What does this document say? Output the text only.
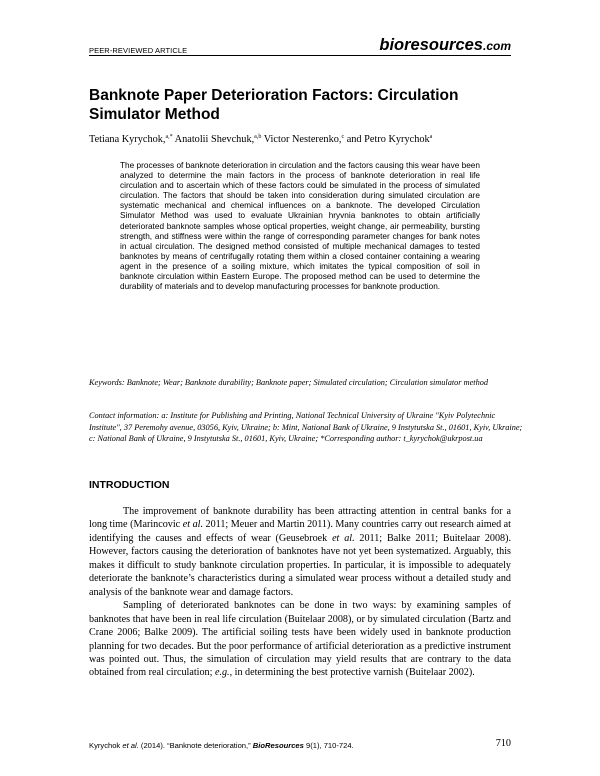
PEER-REVIEWED ARTICLE	bioresources.com
Banknote Paper Deterioration Factors: Circulation Simulator Method
Tetiana Kyrychok,$^{a,*}$ Anatolii Shevchuk,$^{a,b}$ Victor Nesterenko,$^c$ and Petro Kyrychok$^a$
The processes of banknote deterioration in circulation and the factors causing this wear have been analyzed to determine the main factors in the process of banknote deterioration in real life circulation and to ascertain which of these factors could be simulated in the process of simulated circulation. The factors that should be taken into consideration during simulated circulation are systematic mechanical and chemical influences on a banknote. The developed Circulation Simulator Method was used to evaluate Ukrainian hryvnia banknotes to obtain artificially deteriorated banknote samples whose optical properties, weight change, air permeability, bursting strength, and stiffness were within the range of corresponding parameter changes for bank notes in actual circulation. The designed method consisted of multiple mechanical damages to tested banknotes by means of centrifugally rotating them within a closed container containing a wearing agent in the presence of a soiling mixture, which imitates the typical composition of soil in banknote circulation within Eastern Europe. The proposed method can be used to determine the durability of materials and to develop manufacturing processes for banknote production.
Keywords: Banknote; Wear; Banknote durability; Banknote paper; Simulated circulation; Circulation simulator method
Contact information: a: Institute for Publishing and Printing, National Technical University of Ukraine "Kyiv Polytechnic Institute", 37 Peremohy avenue, 03056, Kyiv, Ukraine; b: Mint, National Bank of Ukraine, 9 Instytutska St., 01601, Kyiv, Ukraine; c: National Bank of Ukraine, 9 Instytutska St., 01601, Kyiv, Ukraine; *Corresponding author: t_kyrychok@ukrpost.ua
INTRODUCTION

The improvement of banknote durability has been attracting attention in central banks for a long time (Marincovic et al. 2011; Meuer and Martin 2011). Many countries carry out research aimed at identifying the causes and effects of wear (Geusebroek et al. 2011; Balke 2011; Buitelaar 2008). However, factors causing the deterioration of banknotes have not yet been systematized. Arguably, this makes it difficult to study banknote circulation properties. In particular, it is impossible to adequately deteriorate the banknote’s characteristics during a simulated wear process without a detailed study and analysis of the banknote wear and damage factors.

Sampling of deteriorated banknotes can be done in two ways: by examining samples of banknotes that have been in real life circulation (Buitelaar 2008), or by simulated circulation (Bartz and Crane 2006; Balke 2009). The artificial soiling tests have been widely used in banknote production planning for two decades. But the poor performance of artificial deterioration as a predictive instrument was pointed out. Thus, the simulation of circulation may yield results that are contrary to the data obtained from real circulation; e.g., in determining the best protective varnish (Buitelaar 2002).

Kyrychok et al. (2014). “Banknote deterioration,” BioResources 9(1), 710-724.	710
